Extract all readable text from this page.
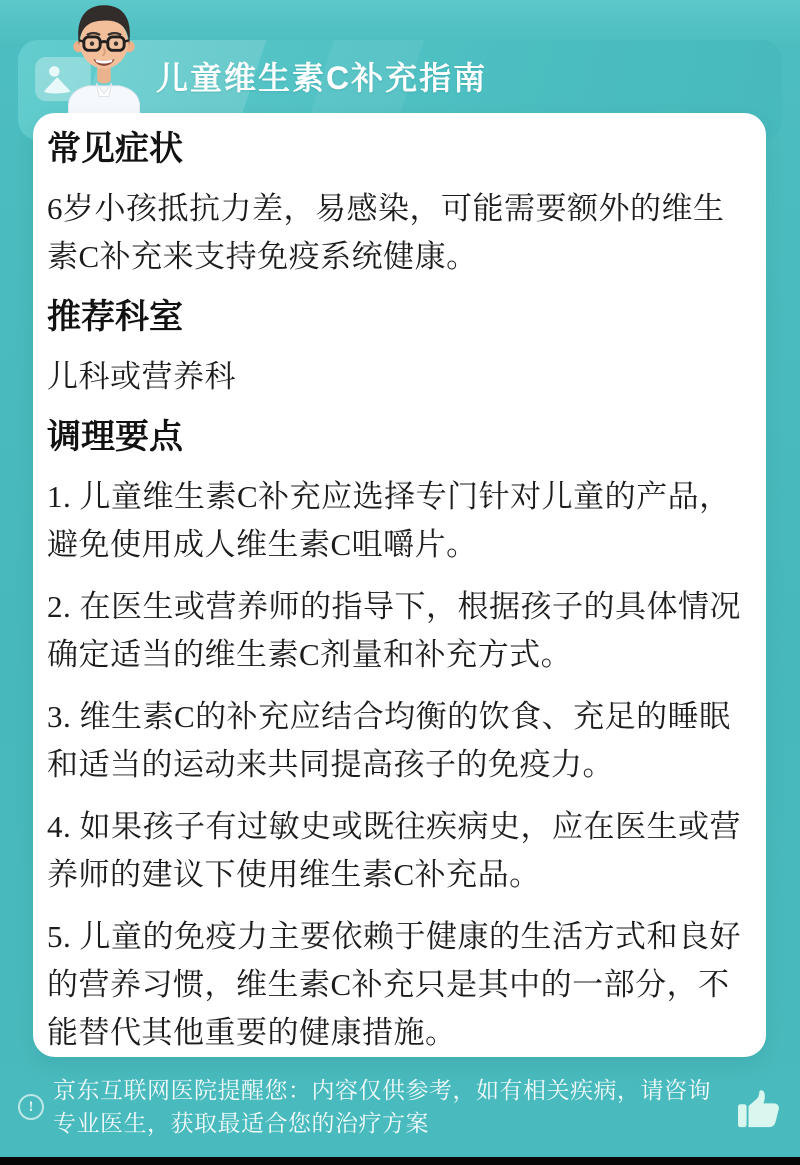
儿童维生素C补充指南
常见症状

6岁小孩抵抗力差，易感染，可能需要额外的维生素C补充来支持免疫系统健康。

推荐科室

儿科或营养科

调理要点

1. 儿童维生素C补充应选择专门针对儿童的产品，避免使用成人维生素C咀嚼片。

2. 在医生或营养师的指导下，根据孩子的具体情况确定适当的维生素C剂量和补充方式。

3. 维生素C的补充应结合均衡的饮食、充足的睡眠和适当的运动来共同提高孩子的免疫力。

4. 如果孩子有过敏史或既往疾病史，应在医生或营养师的建议下使用维生素C补充品。

5. 儿童的免疫力主要依赖于健康的生活方式和良好的营养习惯，维生素C补充只是其中的一部分，不能替代其他重要的健康措施。

!
京东互联网医院提醒您：内容仅供参考，如有相关疾病，请咨询专业医生，获取最适合您的治疗方案
